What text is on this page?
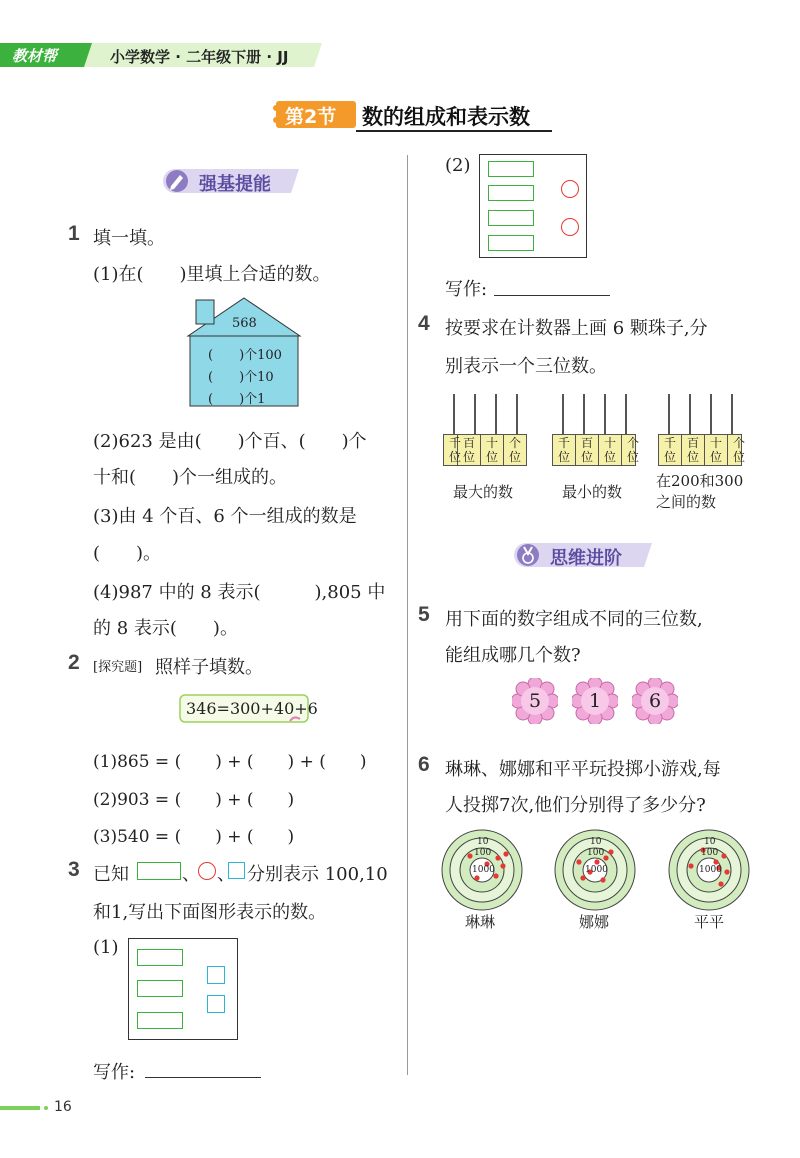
教材帮	小学数学 · 二年级下册 · JJ
第2节 数的组成和表示数
强基提能
1 填一填。
(1)在(　　)里填上合适的数。
568
(　　)个100
(　　)个10
(　　)个1
(2)623 是由(　　)个百、(　　)个
十和(　　)个一组成的。
(3)由 4 个百、6 个一组成的数是
(　　)。
(4)987 中的 8 表示(　　　),805 中
的 8 表示(　　)。
2 [探究题] 照样子填数。
346=300+40+6
(1)865 = (　　) + (　　) + (　　)
(2)903 = (　　) + (　　)
(3)540 = (　　) + (　　)
3 已知	、 、 分别表示 100,10
和1,写出下面图形表示的数。
(1)
写作:
(2)
写作:
4 按要求在计数器上画 6 颗珠子,分
别表示一个三位数。
千位
百位
十位
个位
千位
百位
十位
个位
千位
百位
十位
个位
最大的数	最小的数
在200和300
之间的数
思维进阶
5 用下面的数字组成不同的三位数,
能组成哪几个数?
5	1	6
6 琳琳、娜娜和平平玩投掷小游戏,每
人投掷7次,他们分别得了多少分?
10
100
1000
10
100
1000
10
100
1000
琳琳	娜娜	平平
16
